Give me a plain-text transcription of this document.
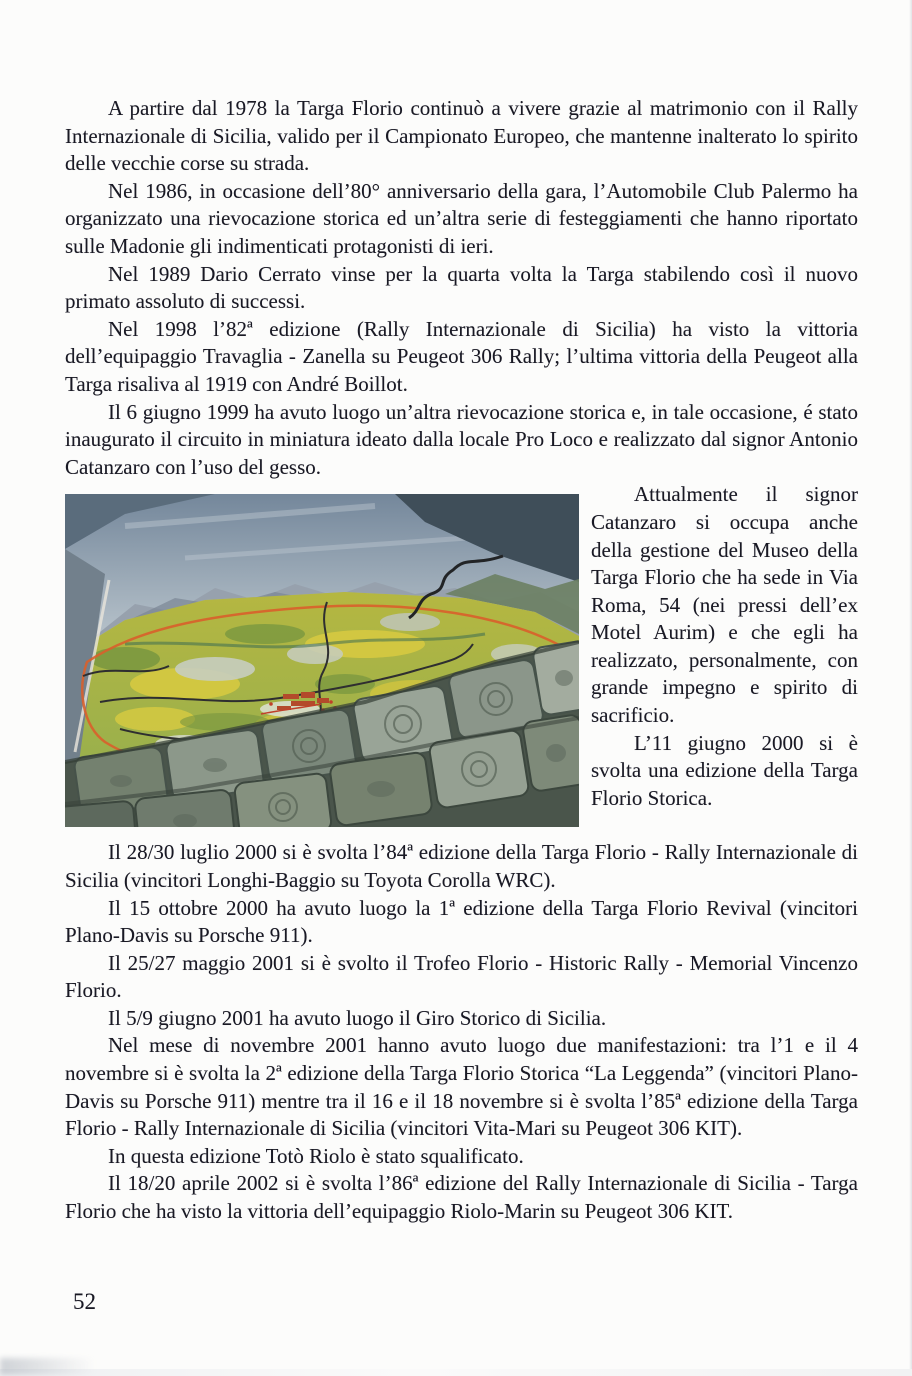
A partire dal 1978 la Targa Florio continuò a vivere grazie al matrimonio con il Rally Internazionale di Sicilia, valido per il Campionato Europeo, che mantenne inalterato lo spirito delle vecchie corse su strada.

Nel 1986, in occasione dell’80° anniversario della gara, l’Automobile Club Palermo ha organizzato una rievocazione storica ed un’altra serie di festeggiamenti che hanno riportato sulle Madonie gli indimenticati protagonisti di ieri.

Nel 1989 Dario Cerrato vinse per la quarta volta la Targa stabilendo così il nuovo primato assoluto di successi.

Nel 1998 l’82ª edizione (Rally Internazionale di Sicilia) ha visto la vittoria dell’equipaggio Travaglia - Zanella su Peugeot 306 Rally; l’ultima vittoria della Peugeot alla Targa risaliva al 1919 con André Boillot.

Il 6 giugno 1999 ha avuto luogo un’altra rievocazione storica e, in tale occasione, é stato inaugurato il circuito in miniatura ideato dalla locale Pro Loco e realizzato dal signor Antonio Catanzaro con l’uso del gesso.

Attualmente il signor Catanzaro si occupa anche della gestione del Museo della Targa Florio che ha sede in Via Roma, 54 (nei pressi dell’ex Motel Aurim) e che egli ha realizzato, personalmente, con grande impegno e spirito di sacrificio.

L’11 giugno 2000 si è svolta una edizione della Targa Florio Storica.

Il 28/30 luglio 2000 si è svolta l’84ª edizione della Targa Florio - Rally Internazionale di Sicilia (vincitori Longhi-Baggio su Toyota Corolla WRC).

Il 15 ottobre 2000 ha avuto luogo la 1ª edizione della Targa Florio Revival (vincitori Plano-Davis su Porsche 911).

Il 25/27 maggio 2001 si è svolto il Trofeo Florio - Historic Rally - Memorial Vincenzo Florio.

Il 5/9 giugno 2001 ha avuto luogo il Giro Storico di Sicilia.

Nel mese di novembre 2001 hanno avuto luogo due manifestazioni: tra l’1 e il 4 novembre si è svolta la 2ª edizione della Targa Florio Storica “La Leggenda” (vincitori Plano-Davis su Porsche 911) mentre tra il 16 e il 18 novembre si è svolta l’85ª edizione della Targa Florio - Rally Internazionale di Sicilia (vincitori Vita-Mari su Peugeot 306 KIT).

In questa edizione Totò Riolo è stato squalificato.

Il 18/20 aprile 2002 si è svolta l’86ª edizione del Rally Internazionale di Sicilia - Targa Florio che ha visto la vittoria dell’equipaggio Riolo-Marin su Peugeot 306 KIT.

52
